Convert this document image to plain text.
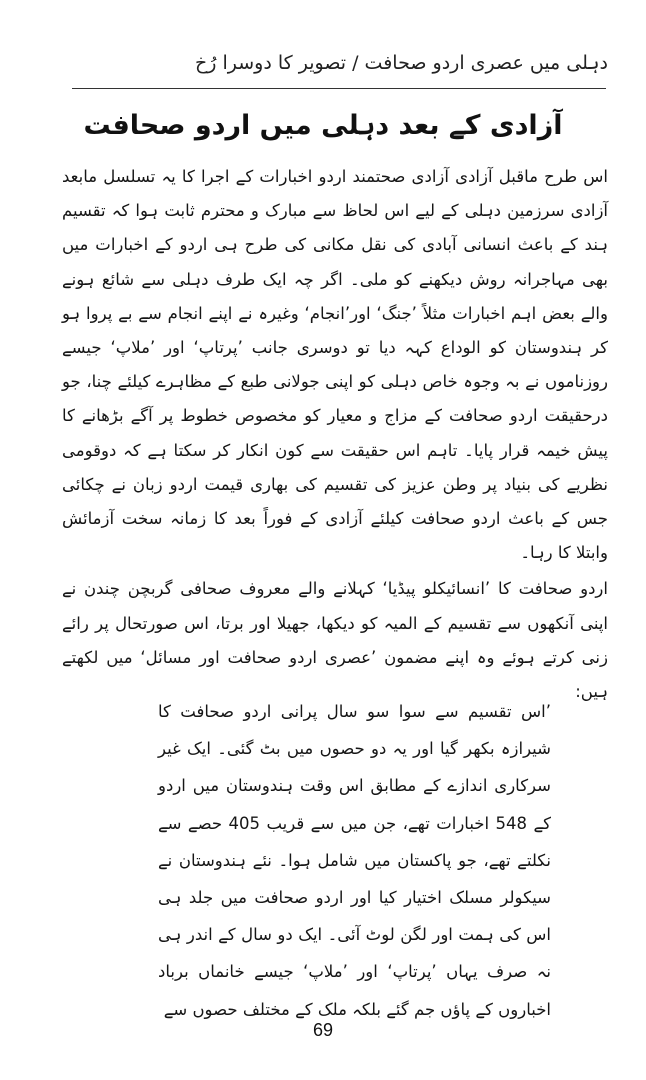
دہلی میں عصری اردو صحافت / تصویر کا دوسرا رُخ
آزادی کے بعد دہلی میں اردو صحافت

اس طرح ماقبل آزادی آزادی صحتمند اردو اخبارات کے اجرا کا یہ تسلسل مابعد آزادی سرزمین دہلی کے لیے اس لحاظ سے مبارک و محترم ثابت ہوا کہ تقسیم ہند کے باعث انسانی آبادی کی نقل مکانی کی طرح ہی اردو کے اخبارات میں بھی مہاجرانہ روش دیکھنے کو ملی۔ اگر چہ ایک طرف دہلی سے شائع ہونے والے بعض اہم اخبارات مثلاً ’جنگ‘ اور’انجام‘ وغیرہ نے اپنے انجام سے بے پروا ہو کر ہندوستان کو الوداع کہہ دیا تو دوسری جانب ’پرتاپ‘ اور ’ملاپ‘ جیسے روزناموں نے بہ وجوہ خاص دہلی کو اپنی جولانی طبع کے مظاہرے کیلئے چنا، جو درحقیقت اردو صحافت کے مزاج و معیار کو مخصوص خطوط پر آگے بڑھانے کا پیش خیمہ قرار پایا۔ تاہم اس حقیقت سے کون انکار کر سکتا ہے کہ دوقومی نظریے کی بنیاد پر وطن عزیز کی تقسیم کی بھاری قیمت اردو زبان نے چکائی جس کے باعث اردو صحافت کیلئے آزادی کے فوراً بعد کا زمانہ سخت آزمائش وابتلا کا رہا۔

اردو صحافت کا ’انسائیکلو پیڈیا‘ کہلانے والے معروف صحافی گربچن چندن نے اپنی آنکھوں سے تقسیم کے المیہ کو دیکھا، جھیلا اور برتا، اس صورتحال پر رائے زنی کرتے ہوئے وہ اپنے مضمون ’عصری اردو صحافت اور مسائل‘ میں لکھتے ہیں:

’اس تقسیم سے سوا سو سال پرانی اردو صحافت کا شیرازہ بکھر گیا اور یہ دو حصوں میں بٹ گئی۔ ایک غیر سرکاری اندازے کے مطابق اس وقت ہندوستان میں اردو کے 548 اخبارات تھے، جن میں سے قریب 405 حصے سے نکلتے تھے، جو پاکستان میں شامل ہوا۔ نئے ہندوستان نے سیکولر مسلک اختیار کیا اور اردو صحافت میں جلد ہی اس کی ہمت اور لگن لوٹ آئی۔ ایک دو سال کے اندر ہی نہ صرف یہاں ’پرتاپ‘ اور ’ملاپ‘ جیسے خانماں برباد اخباروں کے پاؤں جم گئے بلکہ ملک کے مختلف حصوں سے
69
